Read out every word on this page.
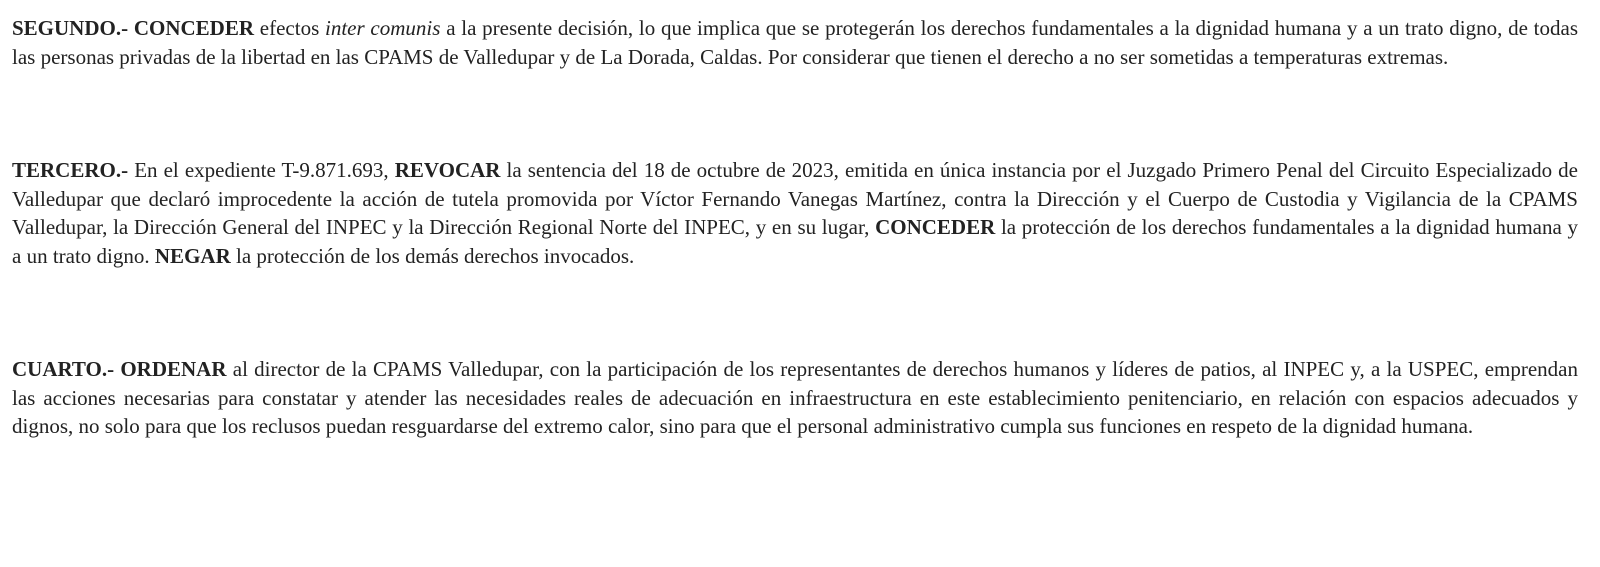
SEGUNDO.- CONCEDER efectos inter comunis a la presente decisión, lo que implica que se protegerán los derechos fundamentales a la dignidad humana y a un trato digno, de todas las personas privadas de la libertad en las CPAMS de Valledupar y de La Dorada, Caldas. Por considerar que tienen el derecho a no ser sometidas a temperaturas extremas.

TERCERO.- En el expediente T-9.871.693, REVOCAR la sentencia del 18 de octubre de 2023, emitida en única instancia por el Juzgado Primero Penal del Circuito Especializado de Valledupar que declaró improcedente la acción de tutela promovida por Víctor Fernando Vanegas Martínez, contra la Dirección y el Cuerpo de Custodia y Vigilancia de la CPAMS Valledupar, la Dirección General del INPEC y la Dirección Regional Norte del INPEC, y en su lugar, CONCEDER la protección de los derechos fundamentales a la dignidad humana y a un trato digno. NEGAR la protección de los demás derechos invocados.

CUARTO.- ORDENAR al director de la CPAMS Valledupar, con la participación de los representantes de derechos humanos y líderes de patios, al INPEC y, a la USPEC, emprendan las acciones necesarias para constatar y atender las necesidades reales de adecuación en infraestructura en este establecimiento penitenciario, en relación con espacios adecuados y dignos, no solo para que los reclusos puedan resguardarse del extremo calor, sino para que el personal administrativo cumpla sus funciones en respeto de la dignidad humana.
